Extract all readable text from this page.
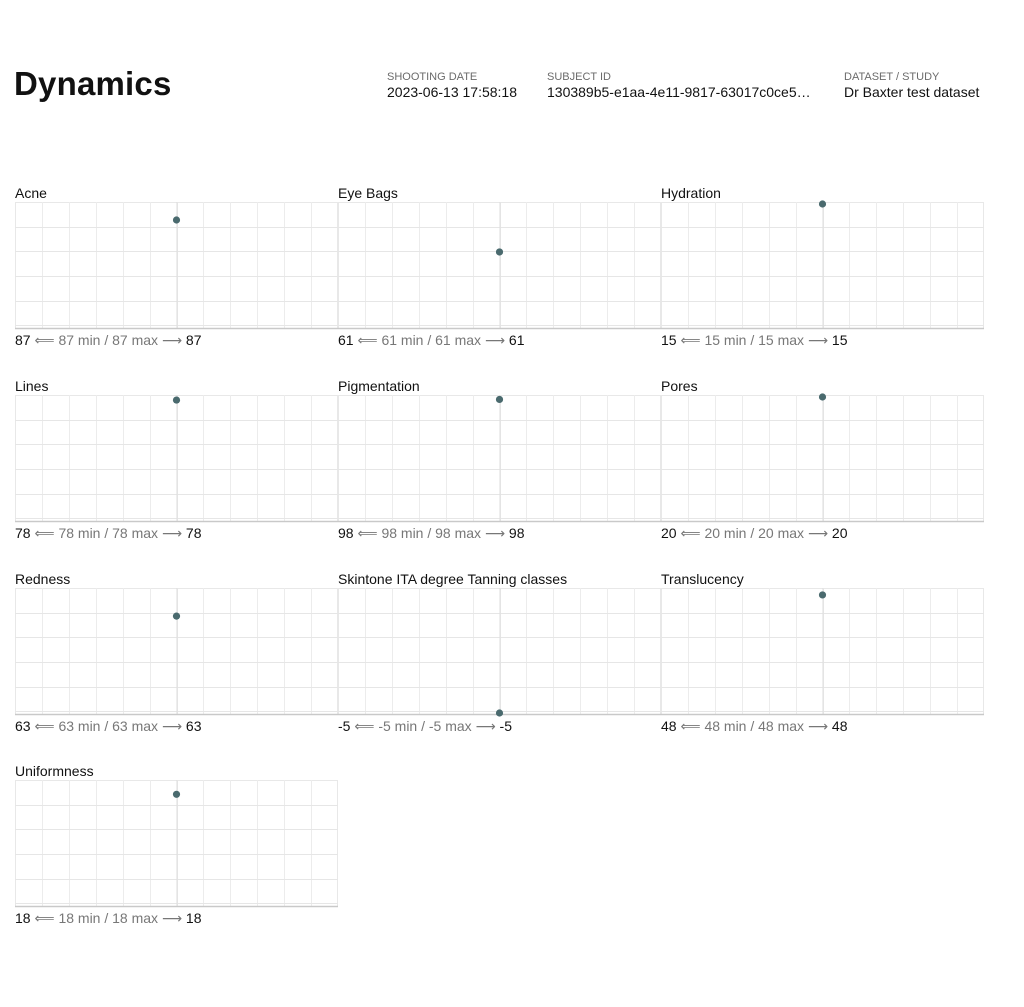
Dynamics	SHOOTING DATE
2023-06-13 17:58:18
SUBJECT ID
130389b5-e1aa-4e11-9817-63017c0ce5…
DATASET / STUDY
Dr Baxter test dataset
Acne
87 ⟸ 87 min / 87 max ⟶ 87
Eye Bags
61 ⟸ 61 min / 61 max ⟶ 61
Hydration
15 ⟸ 15 min / 15 max ⟶ 15
Lines
78 ⟸ 78 min / 78 max ⟶ 78
Pigmentation
98 ⟸ 98 min / 98 max ⟶ 98
Pores
20 ⟸ 20 min / 20 max ⟶ 20
Redness
63 ⟸ 63 min / 63 max ⟶ 63
Skintone ITA degree Tanning classes
-5 ⟸ -5 min / -5 max ⟶ -5
Translucency
48 ⟸ 48 min / 48 max ⟶ 48
Uniformness
18 ⟸ 18 min / 18 max ⟶ 18
